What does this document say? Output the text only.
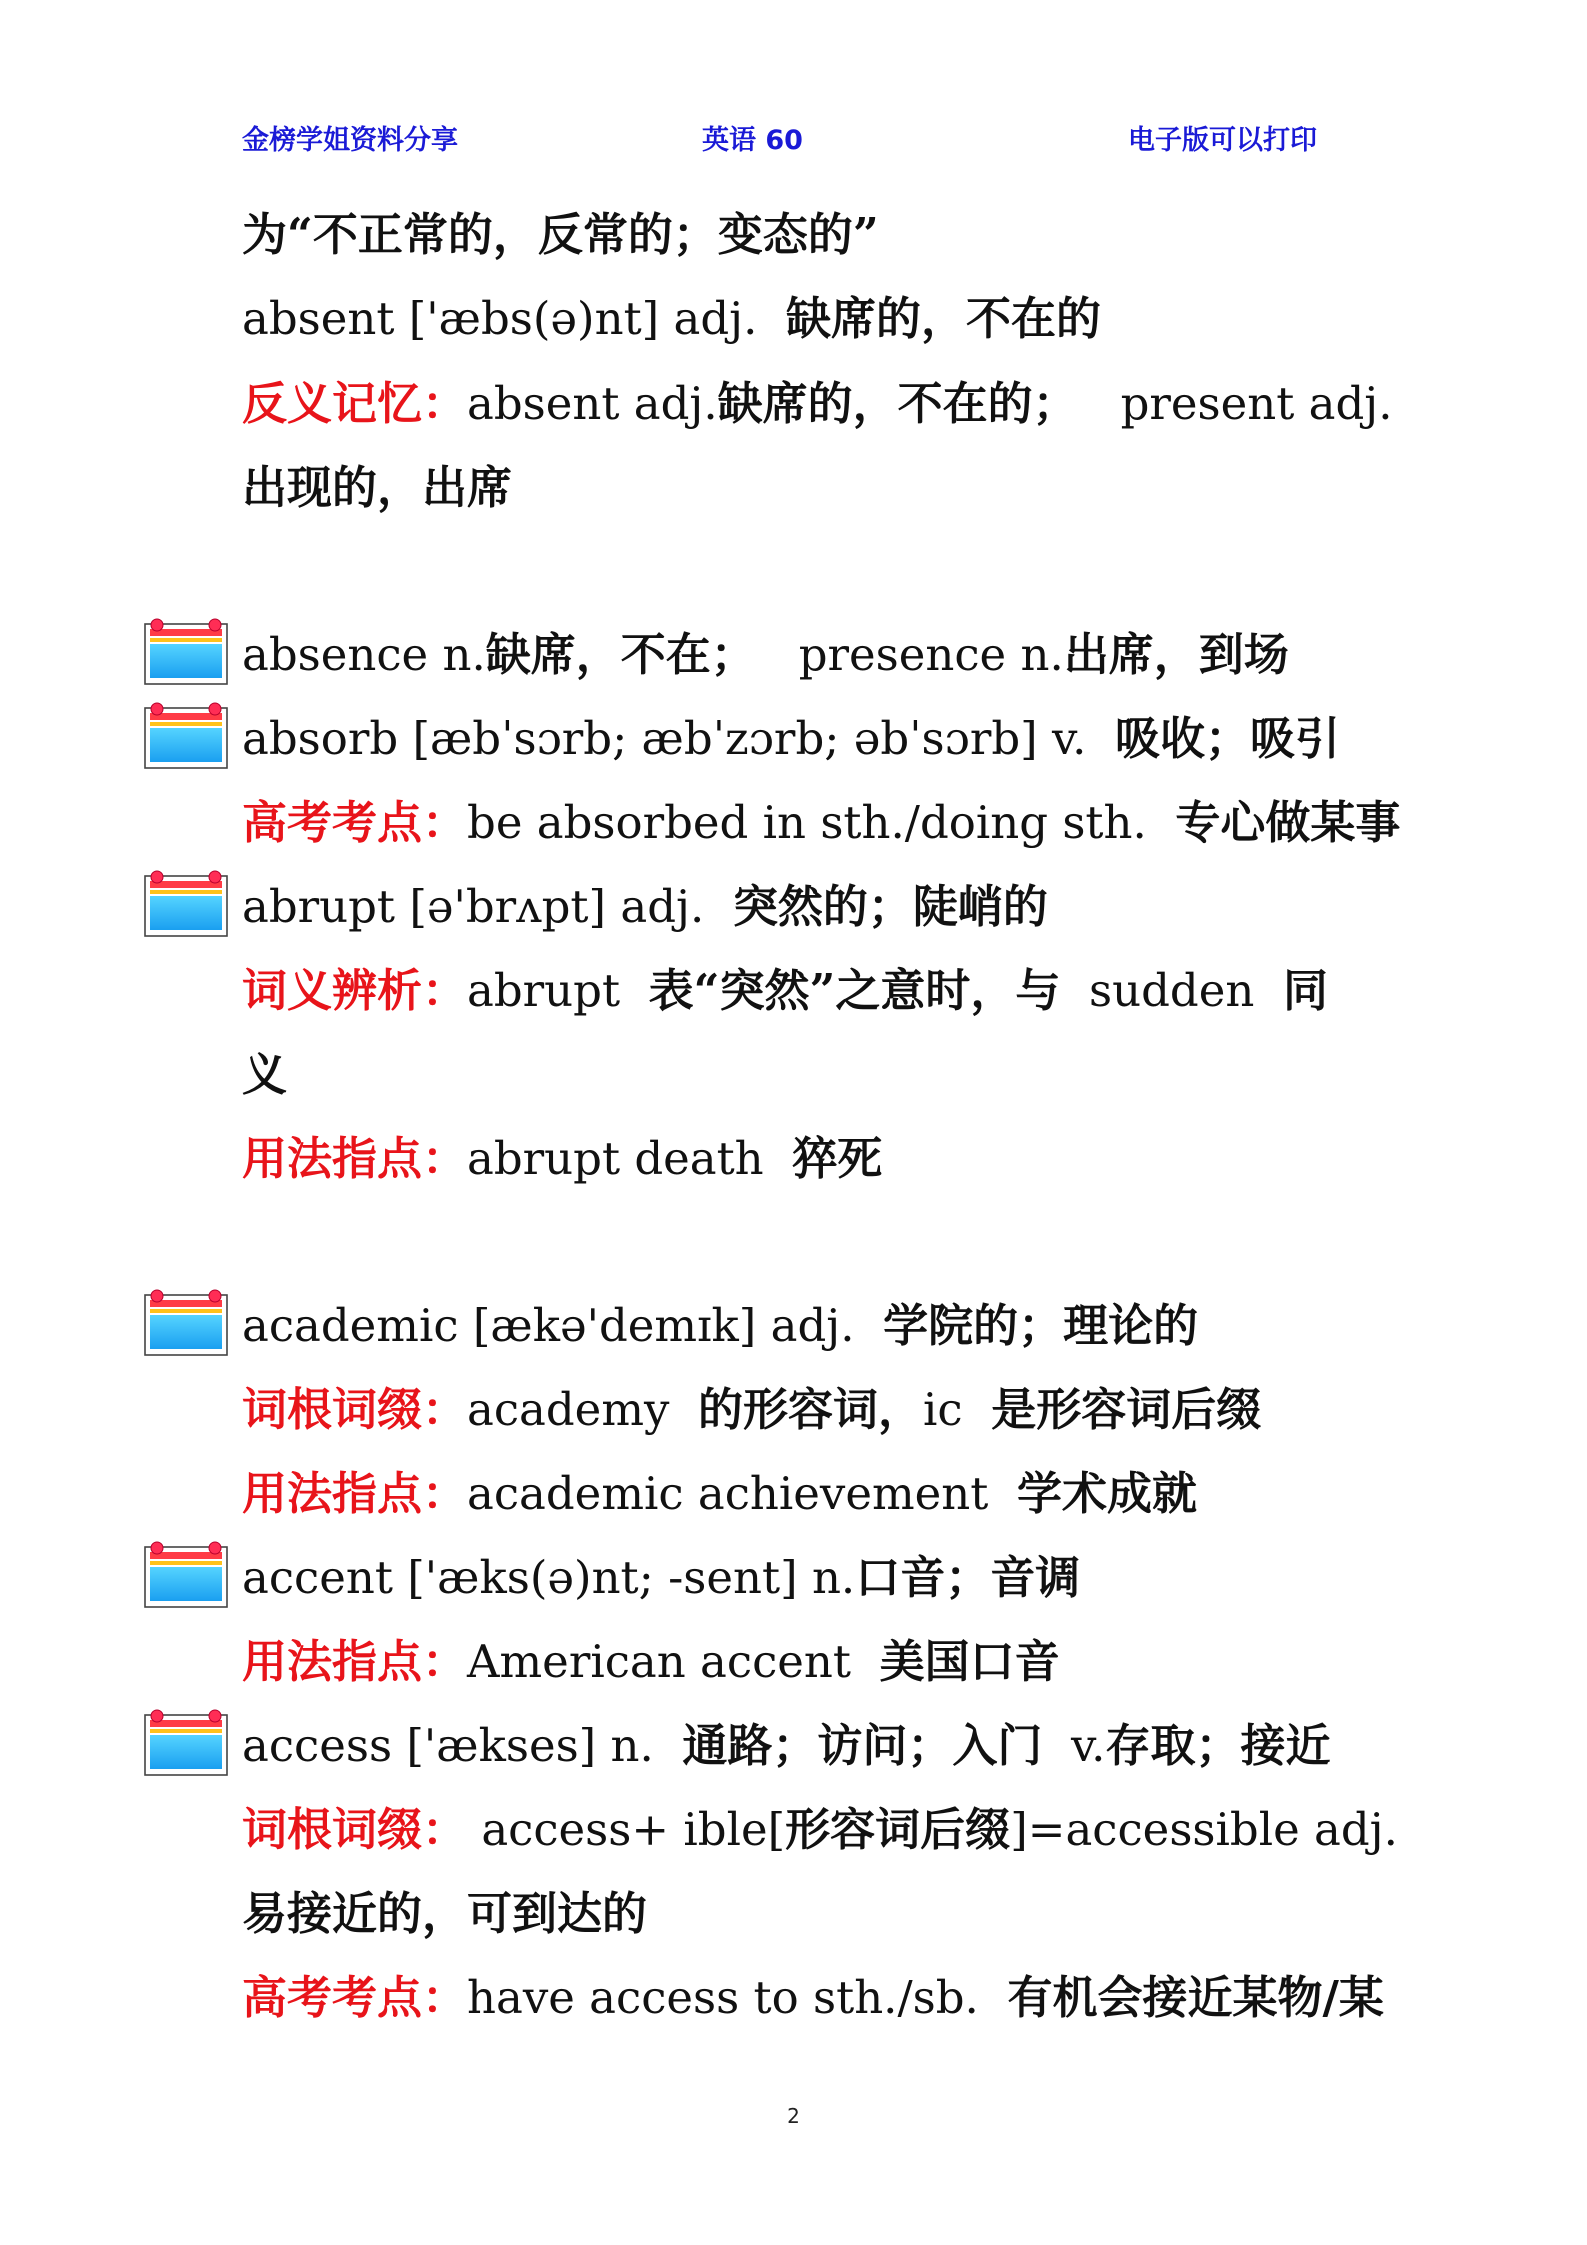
金榜学姐资料分享	英语 60	电子版可以打印
为“不正常的，反常的；变态的”
absent ['æbs(ə)nt] adj.  缺席的，不在的
反义记忆：absent adj.缺席的，不在的；   present adj.
出现的，出席
absence n.缺席，不在；   presence n.出席，到场
absorb [æbˈsɔrb; æbˈzɔrb; əbˈsɔrb] v.  吸收；吸引
高考考点：be absorbed in sth./doing sth.  专心做某事
abrupt [ə'brʌpt] adj.  突然的；陡峭的
词义辨析：abrupt  表“突然”之意时，与  sudden  同
义
用法指点：abrupt death  猝死
academic [ækə'demɪk] adj.  学院的；理论的
词根词缀：academy  的形容词，ic  是形容词后缀
用法指点：academic achievement  学术成就
accent ['æks(ə)nt; -sent] n.口音；音调
用法指点：American accent  美国口音
access ['ækses] n.  通路；访问；入门  v.存取；接近
词根词缀： access+ ible[形容词后缀]=accessible adj.
易接近的，可到达的
高考考点：have access to sth./sb.  有机会接近某物/某
2
